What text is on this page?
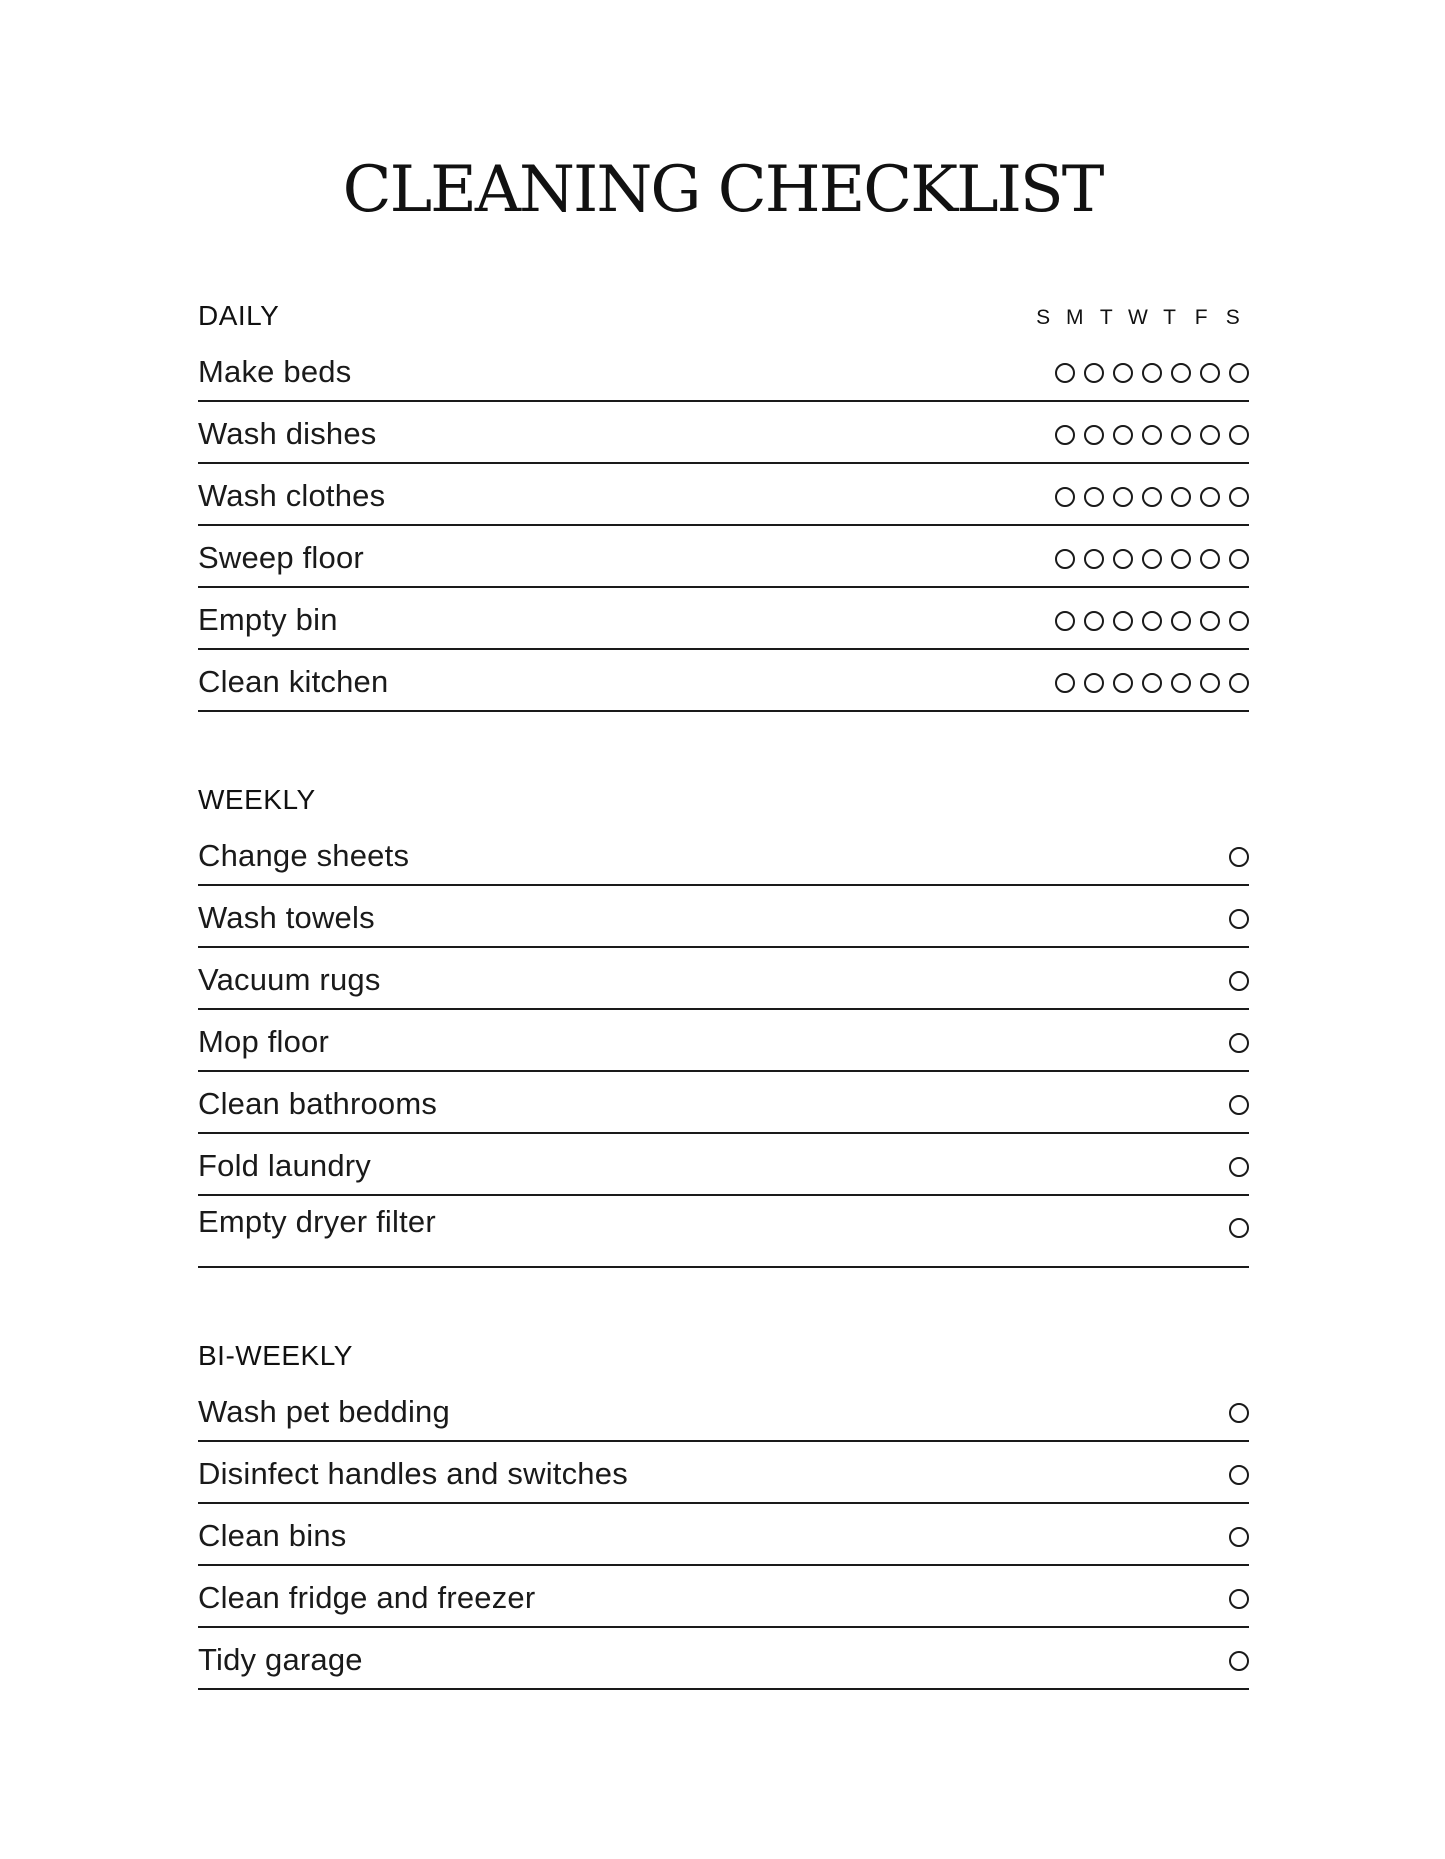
CLEANING CHECKLIST
DAILY	S M T W T F S
Make beds
Wash dishes
Wash clothes
Sweep floor
Empty bin
Clean kitchen
WEEKLY
Change sheets
Wash towels
Vacuum rugs
Mop floor
Clean bathrooms
Fold laundry
Empty dryer filter
BI-WEEKLY
Wash pet bedding
Disinfect handles and switches
Clean bins
Clean fridge and freezer
Tidy garage
